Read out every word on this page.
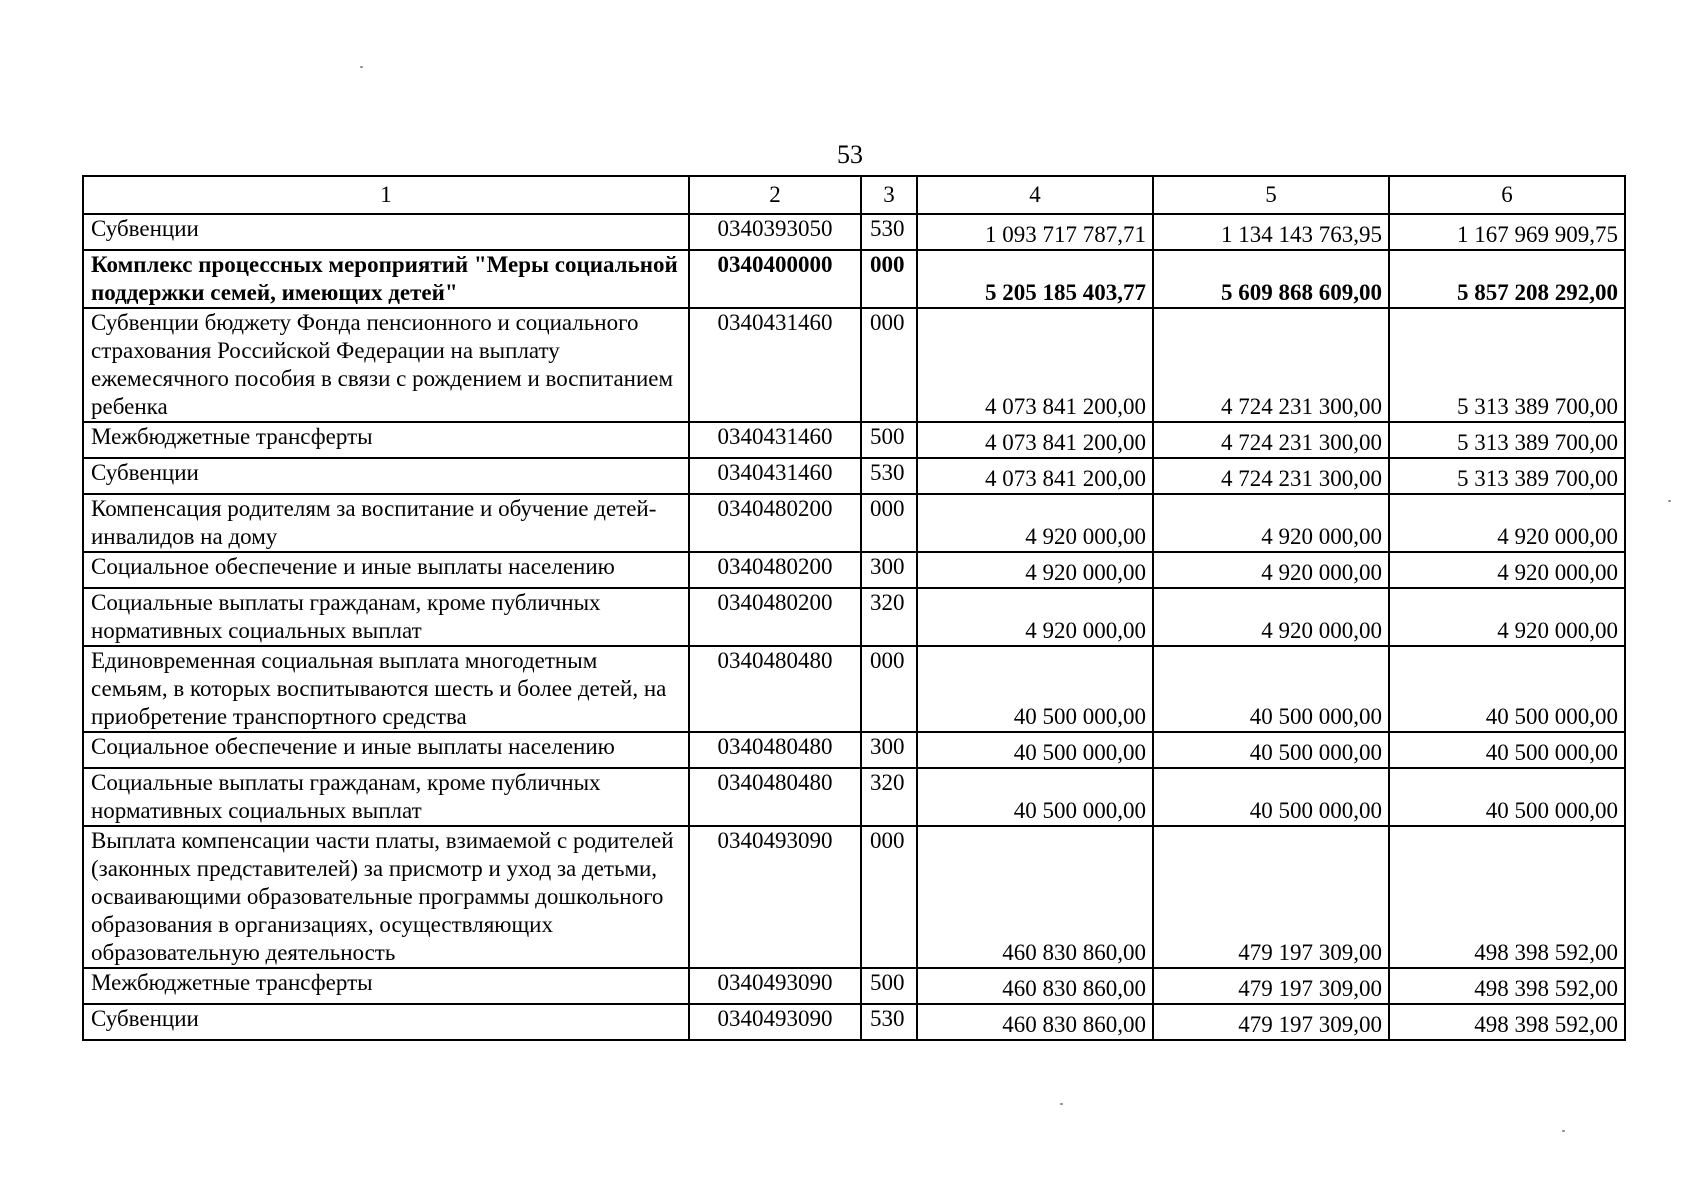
53
1	2	3	4	5	6
Субвенции	0340393050	530	1 093 717 787,71	1 134 143 763,95	1 167 969 909,75
Комплекс процессных мероприятий "Меры социальной поддержки семей, имеющих детей"	0340400000	000	5 205 185 403,77	5 609 868 609,00	5 857 208 292,00
Субвенции бюджету Фонда пенсионного и социального страхования Российской Федерации на выплату ежемесячного пособия в связи с рождением и воспитанием ребенка	0340431460	000	4 073 841 200,00	4 724 231 300,00	5 313 389 700,00
Межбюджетные трансферты	0340431460	500	4 073 841 200,00	4 724 231 300,00	5 313 389 700,00
Субвенции	0340431460	530	4 073 841 200,00	4 724 231 300,00	5 313 389 700,00
Компенсация родителям за воспитание и обучение детей-инвалидов на дому	0340480200	000	4 920 000,00	4 920 000,00	4 920 000,00
Социальное обеспечение и иные выплаты населению	0340480200	300	4 920 000,00	4 920 000,00	4 920 000,00
Социальные выплаты гражданам, кроме публичных нормативных социальных выплат	0340480200	320	4 920 000,00	4 920 000,00	4 920 000,00
Единовременная социальная выплата многодетным семьям, в которых воспитываются шесть и более детей, на приобретение транспортного средства	0340480480	000	40 500 000,00	40 500 000,00	40 500 000,00
Социальное обеспечение и иные выплаты населению	0340480480	300	40 500 000,00	40 500 000,00	40 500 000,00
Социальные выплаты гражданам, кроме публичных нормативных социальных выплат	0340480480	320	40 500 000,00	40 500 000,00	40 500 000,00
Выплата компенсации части платы, взимаемой с родителей (законных представителей) за присмотр и уход за детьми, осваивающими образовательные программы дошкольного образования в организациях, осуществляющих образовательную деятельность	0340493090	000	460 830 860,00	479 197 309,00	498 398 592,00
Межбюджетные трансферты	0340493090	500	460 830 860,00	479 197 309,00	498 398 592,00
Субвенции	0340493090	530	460 830 860,00	479 197 309,00	498 398 592,00
